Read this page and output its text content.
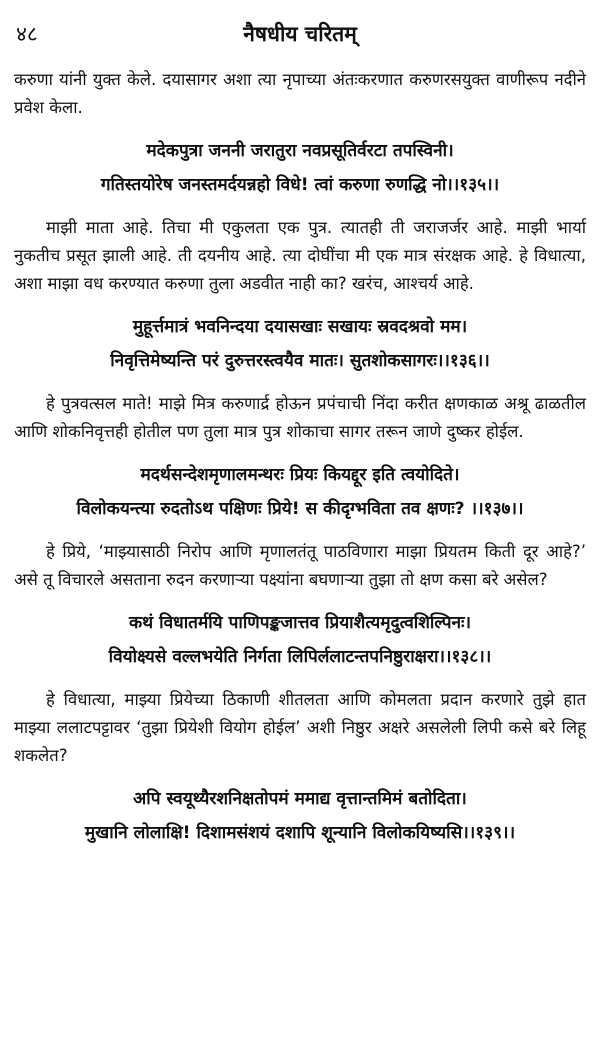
४८	नैषधीय चरितम्

करुणा यांनी युक्त केले. दयासागर अशा त्या नृपाच्या अंतःकरणात करुणरसयुक्त वाणीरूप नदीने प्रवेश केला.

मदेकपुत्रा जननी जरातुरा नवप्रसूतिर्वरटा तपस्विनी।
गतिस्तयोरेष जनस्तमर्दयन्नहो विधे! त्वां करुणा रुणद्धि नो।।१३५।।

माझी माता आहे. तिचा मी एकुलता एक पुत्र. त्यातही ती जराजर्जर आहे. माझी भार्या नुकतीच प्रसूत झाली आहे. ती दयनीय आहे. त्या दोघींचा मी एक मात्र संरक्षक आहे. हे विधात्या, अशा माझा वध करण्यात करुणा तुला अडवीत नाही का? खरंच, आश्चर्य आहे.

मुहूर्त्तमात्रं भवनिन्दया दयासखाः सखायः स्रवदश्रवो मम।
निवृत्तिमेष्यन्ति परं दुरुत्तरस्त्वयैव मातः। सुतशोकसागरः।।१३६।।

हे पुत्रवत्सल माते! माझे मित्र करुणार्द्र होऊन प्रपंचाची निंदा करीत क्षणकाळ अश्रू ढाळतील आणि शोकनिवृत्तही होतील पण तुला मात्र पुत्र शोकाचा सागर तरून जाणे दुष्कर होईल.

मदर्थसन्देशमृणालमन्थरः प्रियः कियद्दूर इति त्वयोदिते।
विलोकयन्त्या रुदतोऽथ पक्षिणः प्रिये! स कीदृग्भविता तव क्षणः? ।।१३७।।

हे प्रिये, ‘माझ्यासाठी निरोप आणि मृणालतंतू पाठविणारा माझा प्रियतम किती दूर आहे?’ असे तू विचारले असताना रुदन करणाऱ्या पक्ष्यांना बघणाऱ्या तुझा तो क्षण कसा बरे असेल?

कथं विधातर्मयि पाणिपङ्कजात्तव प्रियाशैत्यमृदुत्वशिल्पिनः।
वियोक्ष्यसे वल्लभयेति निर्गता लिपिर्ललाटन्तपनिष्ठुराक्षरा।।१३८।।

हे विधात्या, माझ्या प्रियेच्या ठिकाणी शीतलता आणि कोमलता प्रदान करणारे तुझे हात माझ्या ललाटपट्टावर ‘तुझा प्रियेशी वियोग होईल’ अशी निष्ठुर अक्षरे असलेली लिपी कसे बरे लिहू शकलेत?

अपि स्वयूथ्यैरशनिक्षतोपमं ममाद्य वृत्तान्तमिमं बतोदिता।
मुखानि लोलाक्षि! दिशामसंशयं दशापि शून्यानि विलोकयिष्यसि।।१३९।।
